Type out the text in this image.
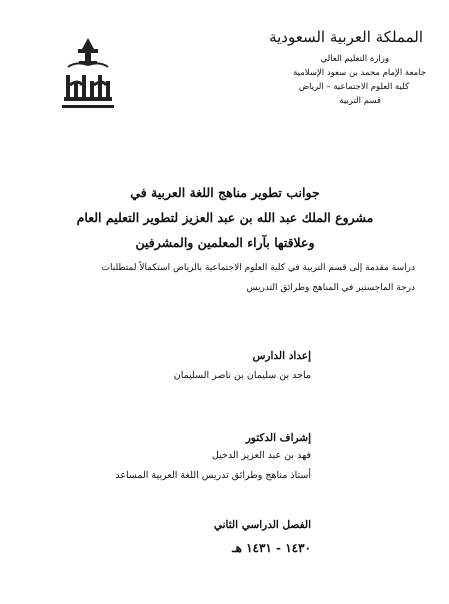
المملكة العربية السعودية
وزارة التعليم العالي
جامعة الإمام محمد بن سعود الإسلامية
كلية العلوم الاجتماعية – الرياض
قسم التربية
جوانب تطوير مناهج اللغة العربية في
مشروع الملك عبد الله بن عبد العزيز لتطوير التعليم العام
وعلاقتها بآراء المعلمين والمشرفين
دراسة مقدمة إلى قسم التربية في كلية العلوم الاجتماعية بالرياض استكمالاً لمتطلبات
درجة الماجستير في المناهج وطرائق التدريس
إعداد الدارس
ماجد بن سليمان بن ناصر السليمان
إشراف الدكتور
فهد بن عبد العزيز الدخيل
أستاذ مناهج وطرائق تدريس اللغة العربية المساعد
الفصل الدراسي الثاني
١٤٣٠ - ١٤٣١ هـ
